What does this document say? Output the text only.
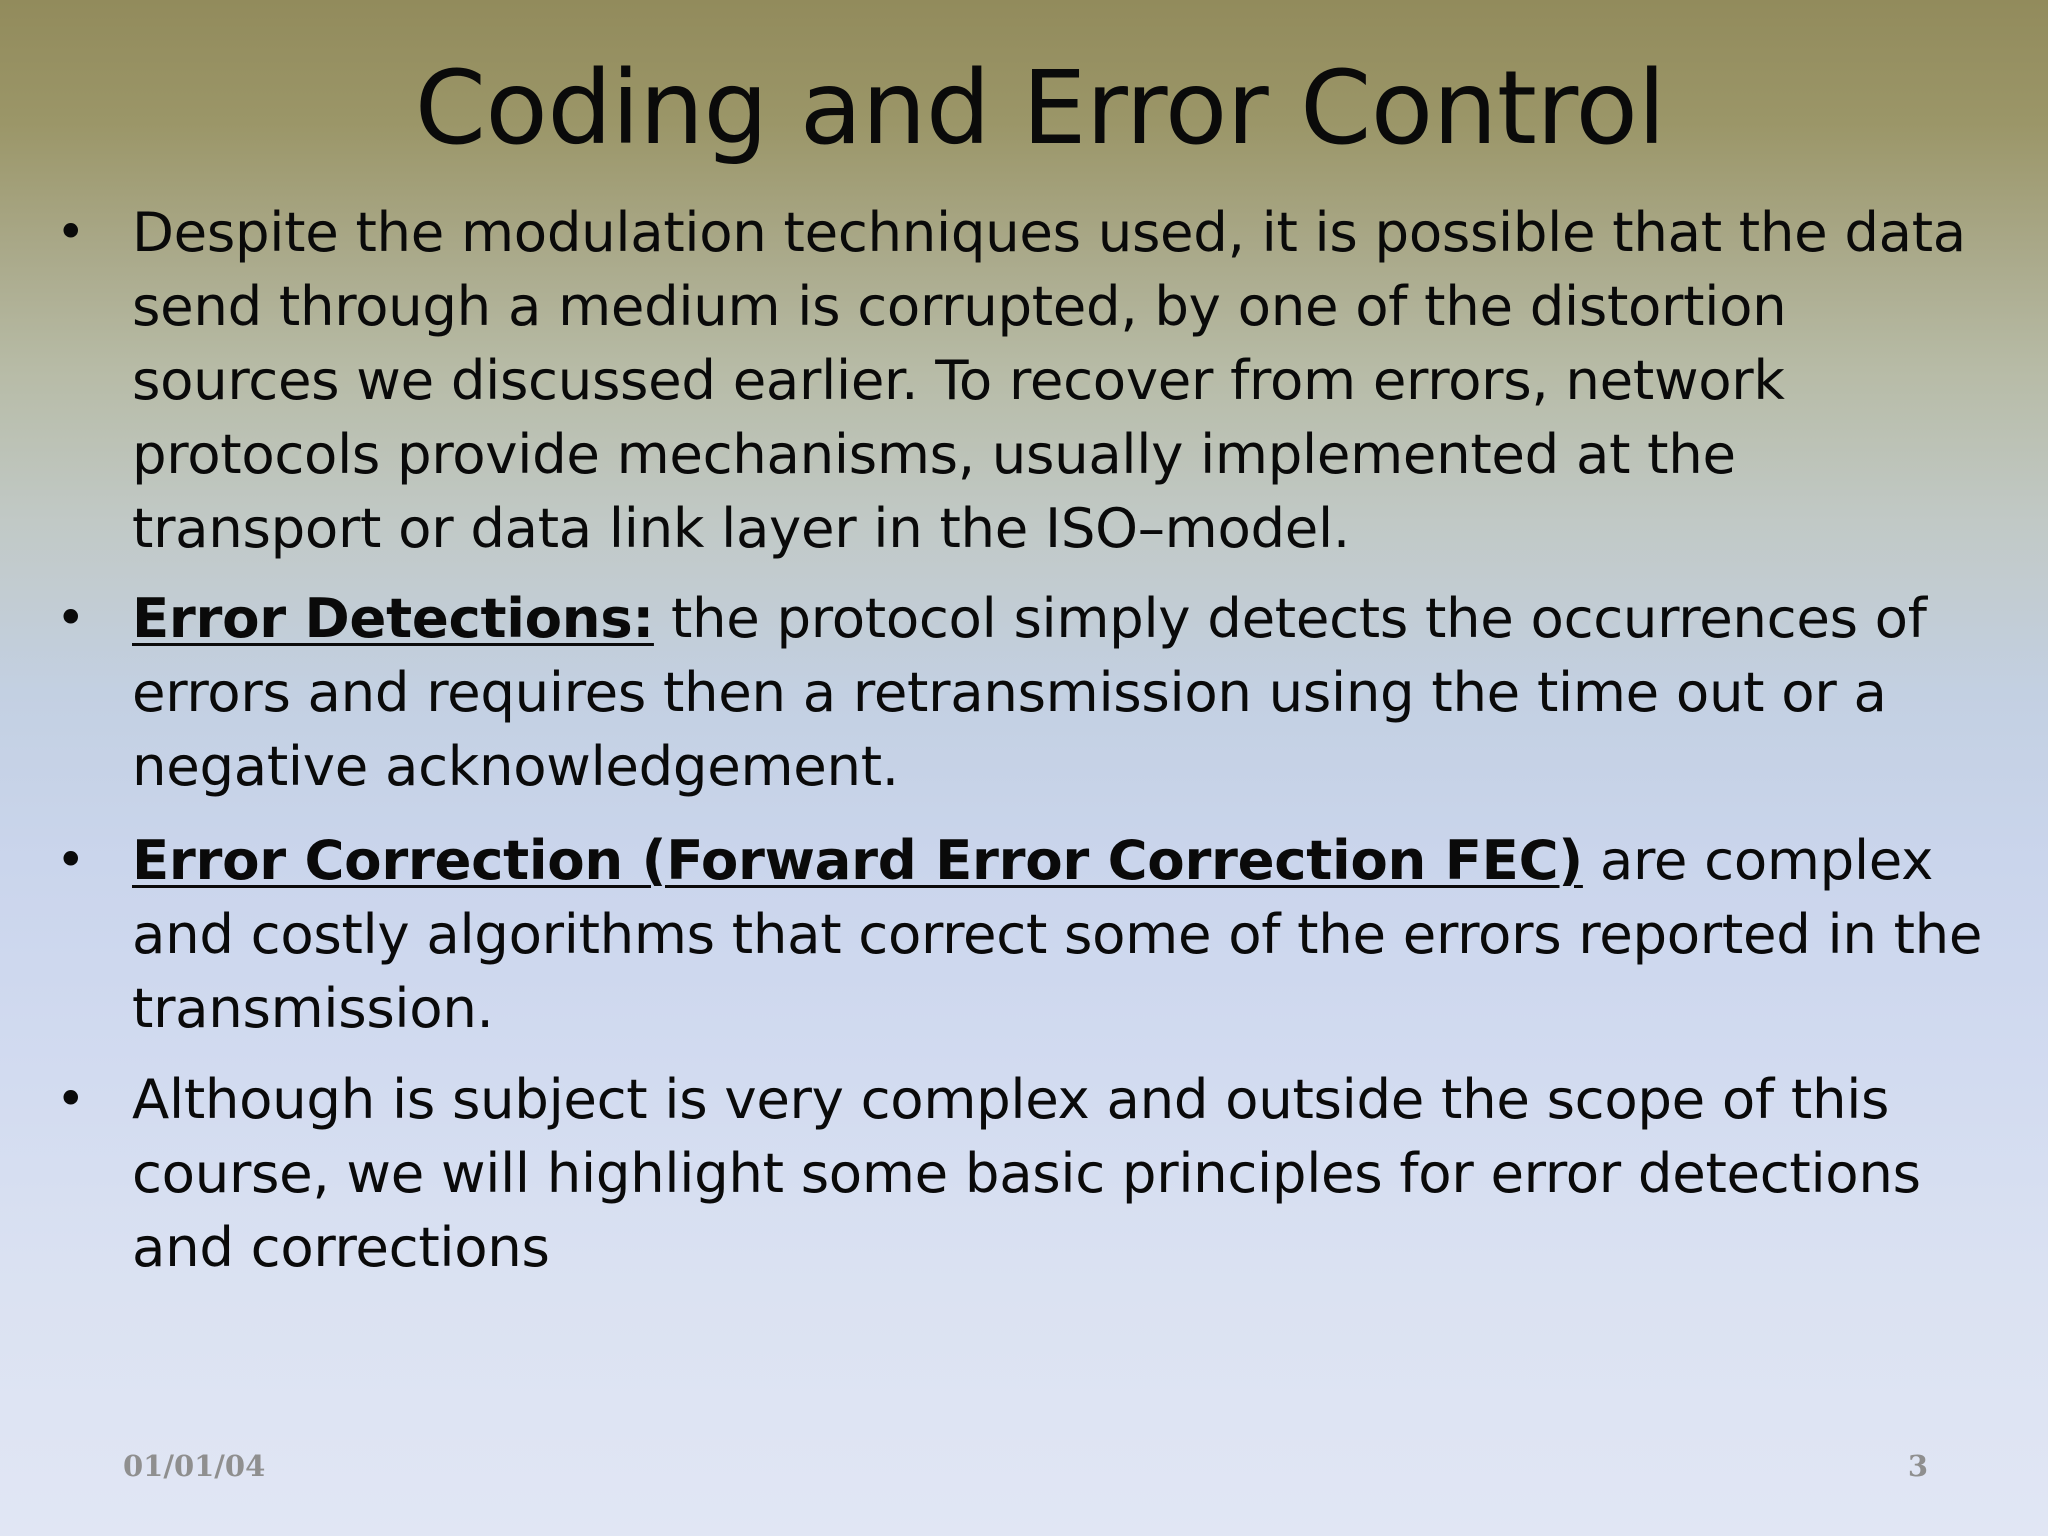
Coding and Error Control
• Despite the modulation techniques used, it is possible that the data send through a medium is corrupted, by one of the distortion sources we discussed earlier. To recover from errors, network protocols provide mechanisms, usually implemented at the transport or data link layer in the ISO–model.
• Error Detections: the protocol simply detects the occurrences of errors and requires then a retransmission using the time out or a negative acknowledgement.
• Error Correction (Forward Error Correction FEC) are complex and costly algorithms that correct some of the errors reported in the transmission.
• Although is subject is very complex and outside the scope of this course, we will highlight some basic principles for error detections and corrections
01/01/04	3
